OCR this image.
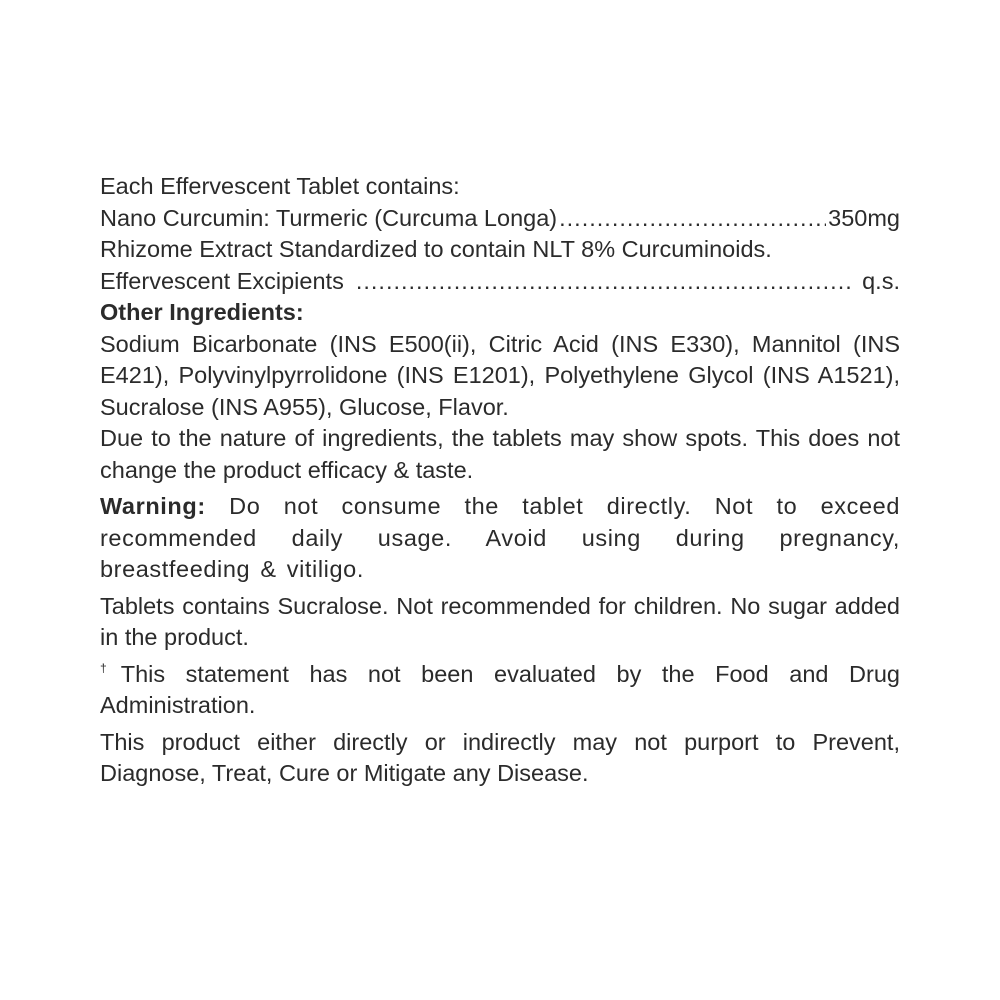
Each Effervescent Tablet contains:
Nano Curcumin: Turmeric (Curcuma Longa) .....	350mg
Rhizome Extract Standardized to contain NLT 8% Curcuminoids.
Effervescent Excipients .....	q.s.
Other Ingredients:
Sodium Bicarbonate (INS E500(ii), Citric Acid (INS E330), Mannitol (INS E421), Polyvinylpyrrolidone (INS E1201), Polyethylene Glycol (INS A1521), Sucralose (INS A955), Glucose, Flavor.
Due to the nature of ingredients, the tablets may show spots. This does not change the product efficacy & taste.
Warning: Do not consume the tablet directly. Not to exceed recommended daily usage. Avoid using during pregnancy, breastfeeding & vitiligo.
Tablets contains Sucralose. Not recommended for children. No sugar added in the product.
†This statement has not been evaluated by the Food and Drug Administration.
This product either directly or indirectly may not purport to Prevent, Diagnose, Treat, Cure or Mitigate any Disease.
